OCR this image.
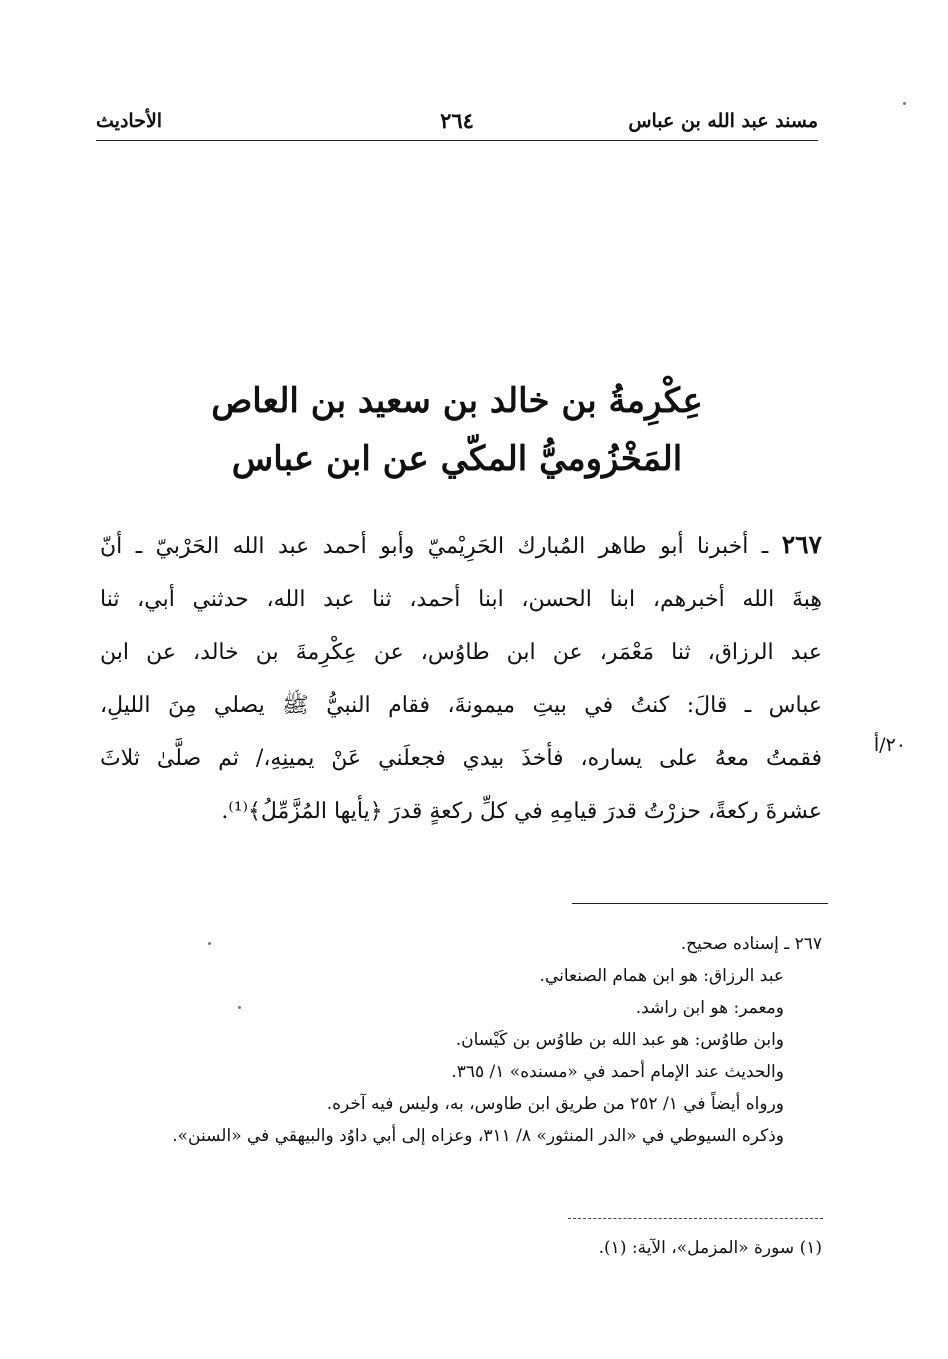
مسند عبد الله بن عباس
٢٦٤
الأحاديث
عِكْرِمةُ بن خالد بن سعيد بن العاص
المَخْزُوميُّ المكّي عن ابن عباس
٢٦٧ ـ أخبرنا أبو طاهر المُبارك الحَرِيْميّ وأبو أحمد عبد الله الحَرْبيّ ـ أنّ
هِبةَ الله أخبرهم، ابنا الحسن، ابنا أحمد، ثنا عبد الله، حدثني أبي، ثنا
عبد الرزاق، ثنا مَعْمَر، عن ابن طاوُس، عن عِكْرِمةَ بن خالد، عن ابن
عباس ـ قالَ: كنتُ في بيتِ ميمونةَ، فقام النبيُّ ﷺ يصلي مِنَ الليلِ،
فقمتُ معهُ على يساره، فأخذَ بيدي فجعلَني عَنْ يمينِهِ،/ ثم صلَّىٰ ثلاثَ
عشرةَ ركعةً، حزرْتُ قدرَ قيامِهِ في كلِّ ركعةٍ قدرَ ﴿يأيها المُزَّمِّلُ﴾⁽¹⁾.
٢٠/أ
٢٦٧ ـ إسناده صحيح.
عبد الرزاق: هو ابن همام الصنعاني.
ومعمر: هو ابن راشد.
وابن طاوُس: هو عبد الله بن طاوُس بن كَيْسان.
والحديث عند الإمام أحمد في «مسنده» ١/ ٣٦٥.
ورواه أيضاً في ١/ ٢٥٢ من طريق ابن طاوس، به، وليس فيه آخره.
وذكره السيوطي في «الدر المنثور» ٨/ ٣١١، وعزاه إلى أبي داوُد والبيهقي في «السنن».
(١) سورة «المزمل»، الآية: (١).
